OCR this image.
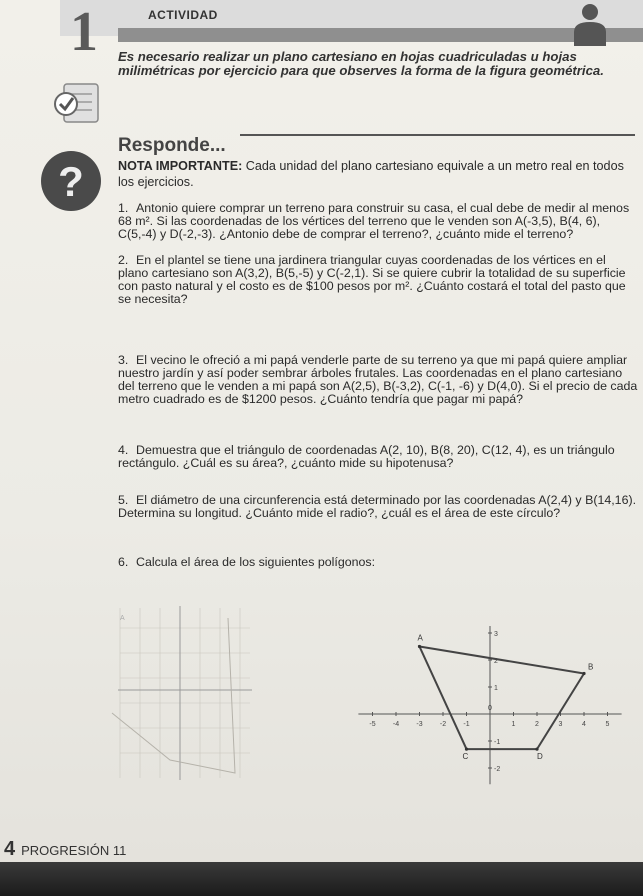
1	ACTIVIDAD
?
Es necesario realizar un plano cartesiano en hojas cuadriculadas u hojas milimétricas por ejercicio para que observes la forma de la figura geométrica.
Responde...
NOTA IMPORTANTE: Cada unidad del plano cartesiano equivale a un metro real en todos los ejercicios.
1. Antonio quiere comprar un terreno para construir su casa, el cual debe de medir al menos 68 m². Si las coordenadas de los vértices del terreno que le venden son A(-3,5), B(4, 6), C(5,-4) y D(-2,-3). ¿Antonio debe de comprar el terreno?, ¿cuánto mide el terreno?
2. En el plantel se tiene una jardinera triangular cuyas coordenadas de los vértices en el plano cartesiano son A(3,2), B(5,-5) y C(-2,1). Si se quiere cubrir la totalidad de su superficie con pasto natural y el costo es de $100 pesos por m². ¿Cuánto costará el total del pasto que se necesita?
3. El vecino le ofreció a mi papá venderle parte de su terreno ya que mi papá quiere ampliar nuestro jardín y así poder sembrar árboles frutales. Las coordenadas en el plano cartesiano del terreno que le venden a mi papá son A(2,5), B(-3,2), C(-1, -6) y D(4,0). Si el precio de cada metro cuadrado es de $1200 pesos. ¿Cuánto tendría que pagar mi papá?
4. Demuestra que el triángulo de coordenadas A(2, 10), B(8, 20), C(12, 4), es un triángulo rectángulo. ¿Cuál es su área?, ¿cuánto mide su hipotenusa?
5. El diámetro de una circunferencia está determinado por las coordenadas A(2,4) y B(14,16). Determina su longitud. ¿Cuánto mide el radio?, ¿cuál es el área de este círculo?
6. Calcula el área de los siguientes polígonos:
A
-5 -4 -3 -2 -1
0
1	2	3	4	5
3
2
1
-1
-2
A
B
C	D
4 PROGRESIÓN 11
